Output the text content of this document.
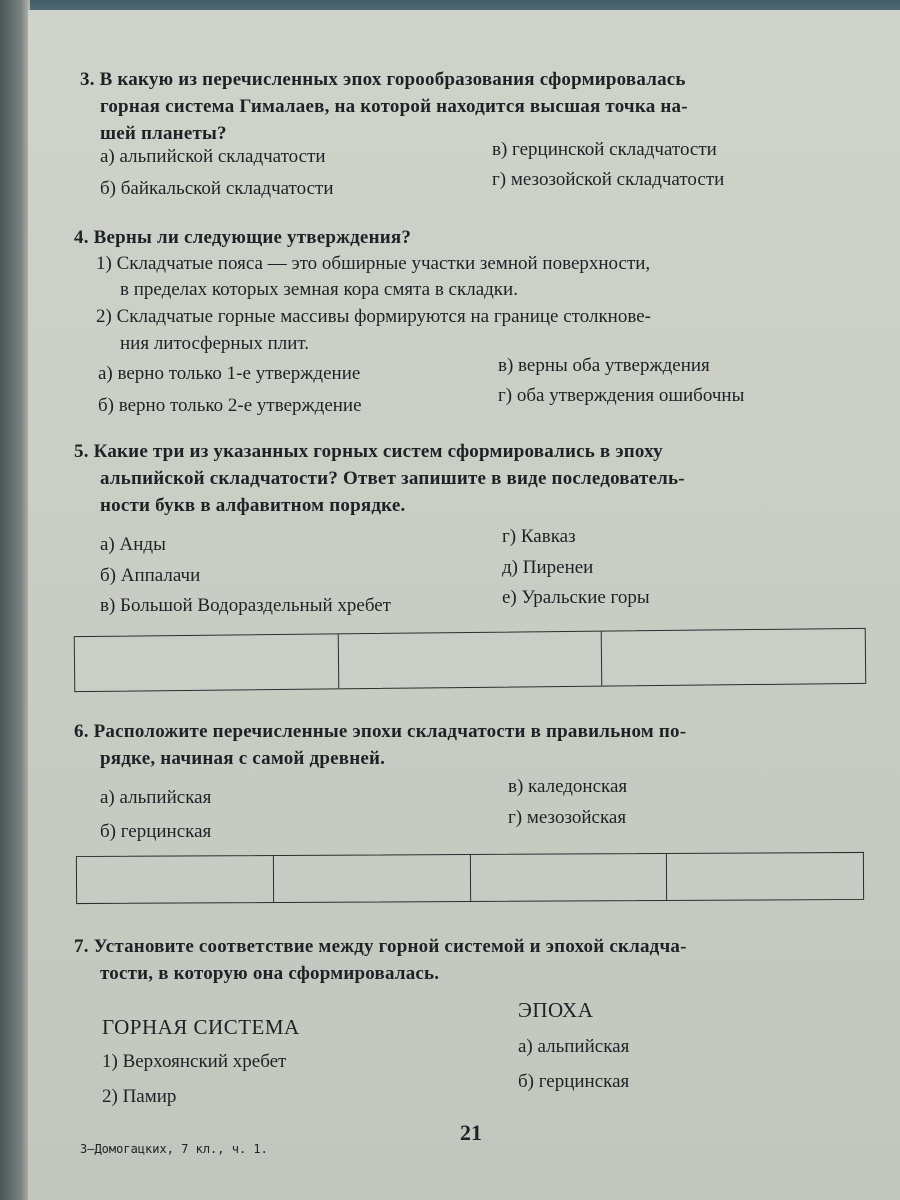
3. В какую из перечисленных эпох горообразования сформировалась
горная система Гималаев, на которой находится высшая точка на-
шей планеты?
а) альпийской складчатости
б) байкальской складчатости
в) герцинской складчатости
г) мезозойской складчатости
4. Верны ли следующие утверждения?
1) Складчатые пояса — это обширные участки земной поверхности,
в пределах которых земная кора смята в складки.
2) Складчатые горные массивы формируются на границе столкнове-
ния литосферных плит.
а) верно только 1-е утверждение
б) верно только 2-е утверждение
в) верны оба утверждения
г) оба утверждения ошибочны
5. Какие три из указанных горных систем сформировались в эпоху
альпийской складчатости? Ответ запишите в виде последователь-
ности букв в алфавитном порядке.
а) Анды
б) Аппалачи
в) Большой Водораздельный хребет
г) Кавказ
д) Пиренеи
е) Уральские горы
6. Расположите перечисленные эпохи складчатости в правильном по-
рядке, начиная с самой древней.
а) альпийская
б) герцинская
в) каледонская
г) мезозойская
7. Установите соответствие между горной системой и эпохой складча-
тости, в которую она сформировалась.
ГОРНАЯ СИСТЕМА
1) Верхоянский хребет
2) Памир
ЭПОХА
а) альпийская
б) герцинская
21
3–Домогацких, 7 кл., ч. 1.
